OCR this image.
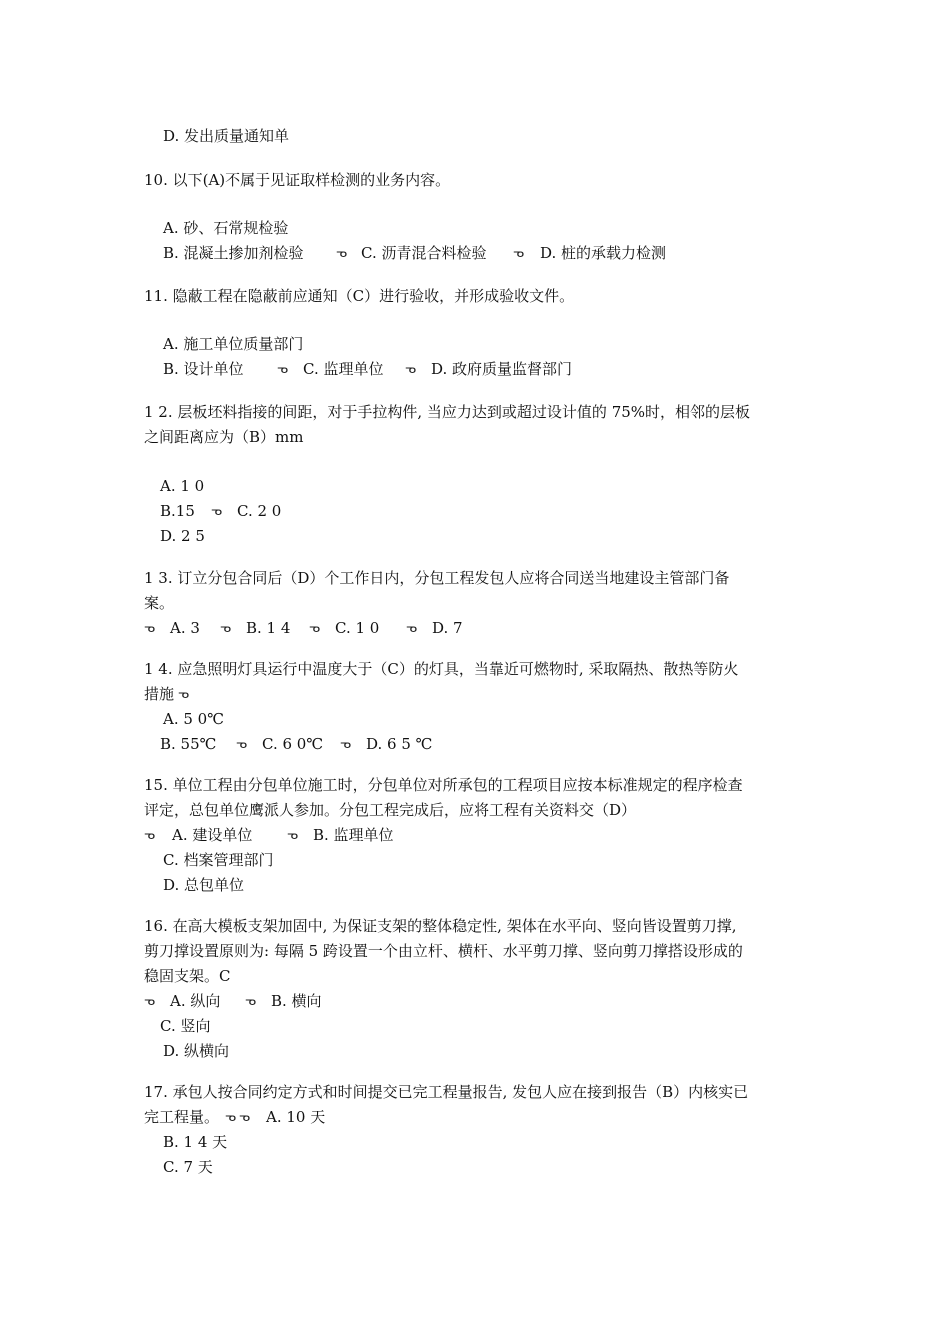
D. 发出质量通知单
10. 以下(A)不属于见证取样检测的业务内容。
A. 砂、石常规检验
B. 混凝土掺加剂检验 ᓀ C. 沥青混合料检验 ᓀ D. 桩的承载力检测
11. 隐蔽工程在隐蔽前应通知（C）进行验收，并形成验收文件。
A. 施工单位质量部门
B. 设计单位	ᓀ C. 监理单位 ᓀ D. 政府质量监督部门
1 2. 层板坯料指接的间距，对于手拉构件, 当应力达到或超过设计值的 75%时，相邻的层板
之间距离应为（B）mm
A. 1 0
B.15 ᓀ C. 2 0
D. 2 5
1 3. 订立分包合同后（D）个工作日内，分包工程发包人应将合同送当地建设主管部门备
案。
ᓀ A. 3 ᓀ B. 1 4 ᓀ C. 1 0 ᓀ D. 7
1 4. 应急照明灯具运行中温度大于（C）的灯具，当靠近可燃物时, 采取隔热、散热等防火
措施 ᓀ
A. 5 0℃
B. 55℃ ᓀ C. 6 0℃ ᓀ D. 6 5 ℃
15. 单位工程由分包单位施工时，分包单位对所承包的工程项目应按本标准规定的程序检查
评定，总包单位鹰派人参加。分包工程完成后，应将工程有关资料交（D）
ᓀ A. 建设单位	ᓀ B. 监理单位
C. 档案管理部门
D. 总包单位
16. 在高大模板支架加固中, 为保证支架的整体稳定性, 架体在水平向、竖向皆设置剪刀撑,
剪刀撑设置原则为: 每隔 5 跨设置一个由立杆、横杆、水平剪刀撑、竖向剪刀撑搭设形成的
稳固支架。C
ᓀ A. 纵向 ᓀ B. 横向
C. 竖向
D. 纵横向
17. 承包人按合同约定方式和时间提交已完工程量报告, 发包人应在接到报告（B）内核实已
完工程量。 ᓀ ᓀ A. 10 天
B. 1 4 天
C. 7 天
